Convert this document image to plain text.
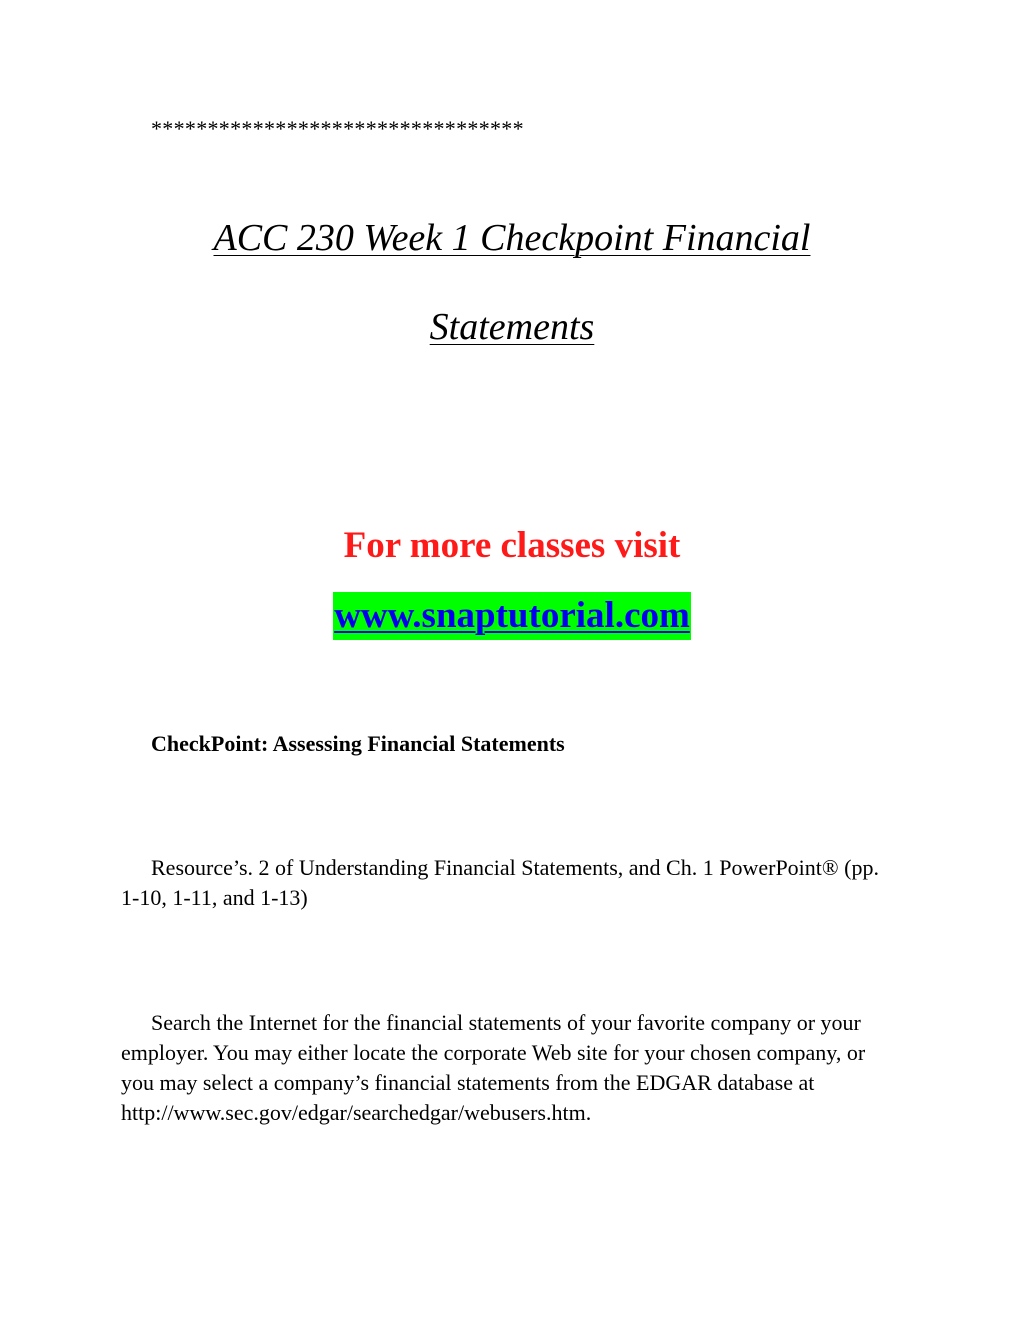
*********************************
ACC 230 Week 1 Checkpoint Financial
Statements
For more classes visit
www.snaptutorial.com
CheckPoint: Assessing Financial Statements

Resource’s. 2 of Understanding Financial Statements, and Ch. 1 PowerPoint® (pp. 1-10, 1-11, and 1-13)

Search the Internet for the financial statements of your favorite company or your employer. You may either locate the corporate Web site for your chosen company, or you may select a company’s financial statements from the EDGAR database at http://www.sec.gov/edgar/searchedgar/webusers.htm.
